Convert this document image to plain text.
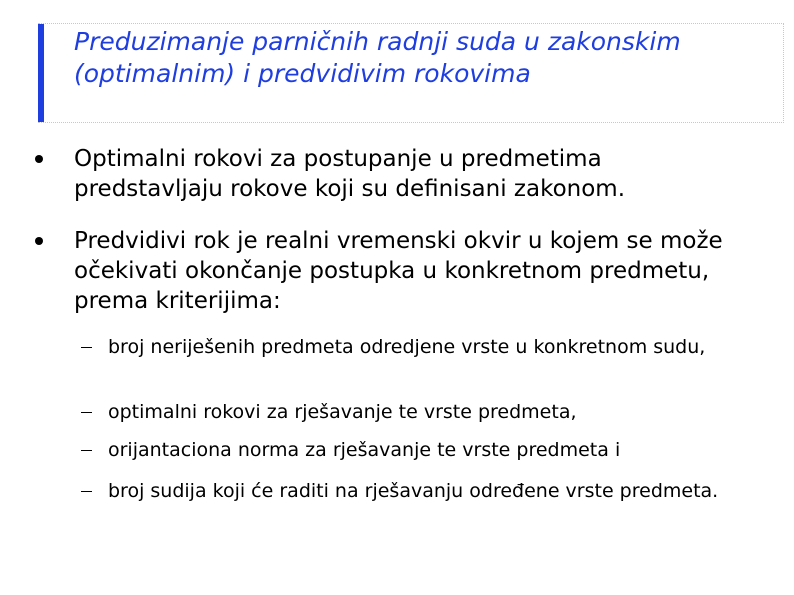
Preduzimanje parničnih radnji suda u zakonskim (optimalnim) i predvidivim rokovima
Optimalni rokovi za postupanje u predmetima predstavljaju rokove koji su definisani zakonom.
Predvidivi rok je realni vremenski okvir u kojem se može očekivati okončanje postupka u konkretnom predmetu, prema kriterijima:
broj neriješenih predmeta odredjene vrste u konkretnom sudu,
optimalni rokovi za rješavanje te vrste predmeta,
orijantaciona norma za rješavanje te vrste predmeta i
broj sudija koji će raditi na rješavanju određene vrste predmeta.
